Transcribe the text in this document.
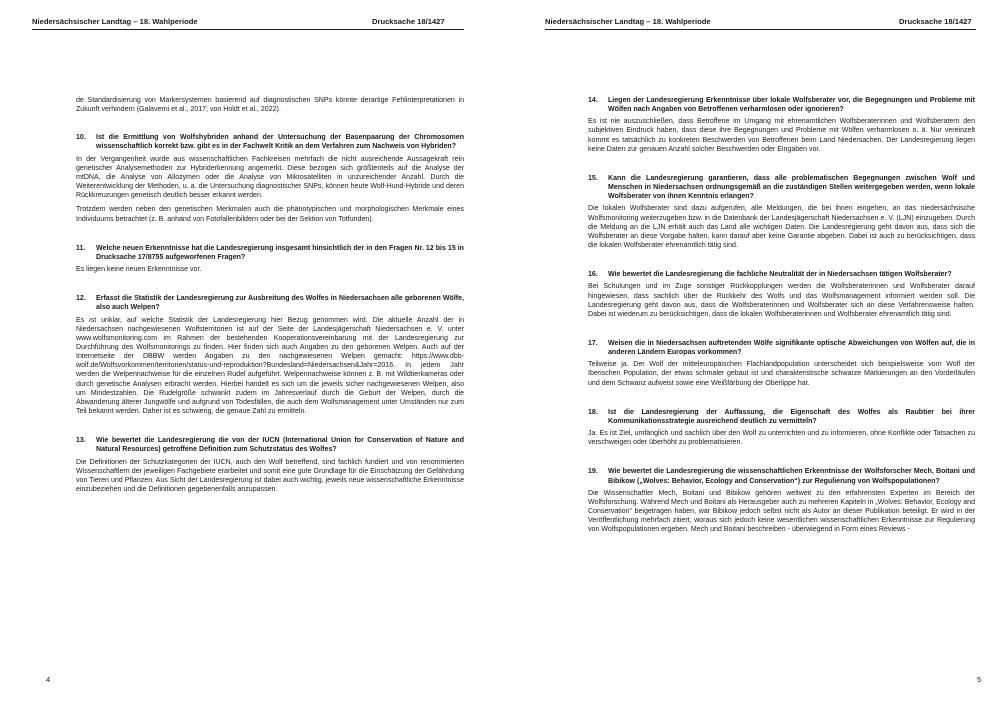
Niedersächsischer Landtag – 18. Wahlperiode	Drucksache 18/1427
4

de Standardisierung von Markersystemen basierend auf diagnostischen SNPs könnte derartige Fehlinterpretationen in Zukunft verhindern (Galaverni et al., 2017; von Holdt et al., 2022).

10.	Ist die Ermittlung von Wolfshybriden anhand der Untersuchung der Basenpaarung der Chromosomen wissenschaftlich korrekt bzw. gibt es in der Fachwelt Kritik an dem Verfahren zum Nachweis von Hybriden?

In der Vergangenheit wurde aus wissenschaftlichen Fachkreisen mehrfach die nicht ausreichende Aussagekraft rein genetischer Analysemethoden zur Hybriderkennung angemerkt. Diese bezogen sich größtenteils auf die Analyse der mtDNA, die Analyse von Allozymen oder die Analyse von Mikrosatelliten in unzureichender Anzahl. Durch die Weiterentwicklung der Methoden, u. a. die Untersuchung diagnostischer SNPs, können heute Wolf-Hund-Hybride und deren Rückkreuzungen genetisch deutlich besser erkannt werden.

Trotzdem werden neben den genetischen Merkmalen auch die phänotypischen und morphologischen Merkmale eines Individuums betrachtet (z. B. anhand von Fotofallenbildern oder bei der Sektion von Totfunden).

11.	Welche neuen Erkenntnisse hat die Landesregierung insgesamt hinsichtlich der in den Fragen Nr. 12 bis 15 in Drucksache 17/8755 aufgeworfenen Fragen?

Es liegen keine neuen Erkenntnisse vor.

12.	Erfasst die Statistik der Landesregierung zur Ausbreitung des Wolfes in Niedersachsen alle geborenen Wölfe, also auch Welpen?

Es ist unklar, auf welche Statistik der Landesregierung hier Bezug genommen wird. Die aktuelle Anzahl der in Niedersachsen nachgewiesenen Wolfsterritorien ist auf der Seite der Landesjägerschaft Niedersachsen e. V. unter www.wolfsmonitoring.com im Rahmen der bestehenden Kooperationsvereinbarung mit der Landesregierung zur Durchführung des Wolfsmonitorings zu finden. Hier finden sich auch Angaben zu den geborenen Welpen. Auch auf der Internetseite der DBBW werden Angaben zu den nachgewiesenen Welpen gemacht: https://www.dbb-wolf.de/Wolfsvorkommen/territorien/status-und-reproduktion?Bundesland=Niedersachsen&Jahr=2016. In jedem Jahr werden die Welpennachweise für die einzelnen Rudel aufgeführt. Welpennachweise können z. B. mit Wildtierkameras oder durch genetische Analysen erbracht werden. Hierbei handelt es sich um die jeweils sicher nachgewiesenen Welpen, also um Mindestzahlen. Die Rudelgröße schwankt zudem im Jahresverlauf durch die Geburt der Welpen, durch die Abwanderung älterer Jungwölfe und aufgrund von Todesfällen, die auch dem Wolfsmanagement unter Umständen nur zum Teil bekannt werden. Daher ist es schwierig, die genaue Zahl zu ermitteln.

13.	Wie bewertet die Landesregierung die von der IUCN (International Union for Conservation of Nature and Natural Resources) getroffene Definition zum Schutzstatus des Wolfes?

Die Definitionen der Schutzkategorien der IUCN, auch den Wolf betreffend, sind fachlich fundiert und von renommierten Wissenschaftlern der jeweiligen Fachgebiete erarbeitet und somit eine gute Grundlage für die Einschätzung der Gefährdung von Tieren und Pflanzen. Aus Sicht der Landesregierung ist dabei auch wichtig, jeweils neue wissenschaftliche Erkenntnisse einzubeziehen und die Definitionen gegebenenfalls anzupassen.

Niedersächsischer Landtag – 18. Wahlperiode	Drucksache 18/1427
5
14.	Liegen der Landesregierung Erkenntnisse über lokale Wolfsberater vor, die Begegnungen und Probleme mit Wölfen nach Angaben von Betroffenen verharmlosen oder ignorieren?

Es ist nie auszuschließen, dass Betroffene im Umgang mit ehrenamtlichen Wolfsberaterinnen und Wolfsberatern den subjektiven Eindruck haben, dass diese ihre Begegnungen und Probleme mit Wölfen verharmlosen o. ä. Nur vereinzelt kommt es tatsächlich zu konkreten Beschwerden von Betroffenen beim Land Niedersachen. Der Landesregierung liegen keine Daten zur genauen Anzahl solcher Beschwerden oder Eingaben vor.

15.	Kann die Landesregierung garantieren, dass alle problematischen Begegnungen zwischen Wolf und Menschen in Niedersachsen ordnungsgemäß an die zuständigen Stellen weitergegeben werden, wenn lokale Wolfsberater von ihnen Kenntnis erlangen?

Die lokalen Wolfsberater sind dazu aufgerufen, alle Meldungen, die bei ihnen eingehen, an das niedersächsische Wolfsmonitoring weiterzugeben bzw. in die Datenbank der Landesjägerschaft Niedersachsen e. V. (LJN) einzugeben. Durch die Meldung an die LJN erhält auch das Land alle wichtigen Daten. Die Landesregierung geht davon aus, dass sich die Wolfsberater an diese Vorgabe halten, kann darauf aber keine Garantie abgeben. Dabei ist auch zu berücksichtigen, dass die lokalen Wolfsberater ehrenamtlich tätig sind.

16.	Wie bewertet die Landesregierung die fachliche Neutralität der in Niedersachsen tätigen Wolfsberater?

Bei Schulungen und im Zuge sonstiger Rückkopplungen werden die Wolfsberaterinnen und Wolfsberater darauf hingewiesen, dass sachlich über die Rückkehr des Wolfs und das Wolfsmanagement informiert werden soll. Die Landesregierung geht davon aus, dass die Wolfsberaterinnen und Wolfsberater sich an diese Verfahrensweise halten. Dabei ist wiederum zu berücksichtigen, dass die lokalen Wolfsberaterinnen und Wolfsberater ehrenamtlich tätig sind.

17.	Weisen die in Niedersachsen auftretenden Wölfe signifikante optische Abweichungen von Wölfen auf, die in anderen Ländern Europas vorkommen?

Teilweise ja. Der Wolf der mitteleuropäischen Flachlandpopulation unterscheidet sich beispielsweise vom Wolf der Iberischen Population, der etwas schmaler gebaut ist und charakteristische schwarze Markierungen an den Vorderläufen und dem Schwanz aufweist sowie eine Weißfärbung der Oberlippe hat.

18.	Ist die Landesregierung der Auffassung, die Eigenschaft des Wolfes als Raubtier bei ihrer Kommunikationsstrategie ausreichend deutlich zu vermitteln?

Ja. Es ist Ziel, umfänglich und sachlich über den Wolf zu unterrichten und zu informieren, ohne Konflikte oder Tatsachen zu verschweigen oder überhöht zu problematisieren.

19.	Wie bewertet die Landesregierung die wissenschaftlichen Erkenntnisse der Wolfsforscher Mech, Boitani und Bibikow („Wolves: Behavior, Ecology and Conservation“) zur Regulierung von Wolfspopulationen?

Die Wissenschaftler Mech, Boitani und Bibikow gehören weltweit zu den erfahrensten Experten im Bereich der Wolfsforschung. Während Mech und Boitani als Herausgeber auch zu mehreren Kapiteln in „Wolves: Behavior, Ecology and Conservation“ beigetragen haben, war Bibikow jedoch selbst nicht als Autor an dieser Publikation beteiligt. Er wird in der Veröffentlichung mehrfach zitiert, woraus sich jedoch keine wesentlichen wissenschaftlichen Erkenntnisse zur Regulierung von Wolfspopulationen ergeben. Mech und Boitani beschreiben - überwiegend in Form eines Reviews -
